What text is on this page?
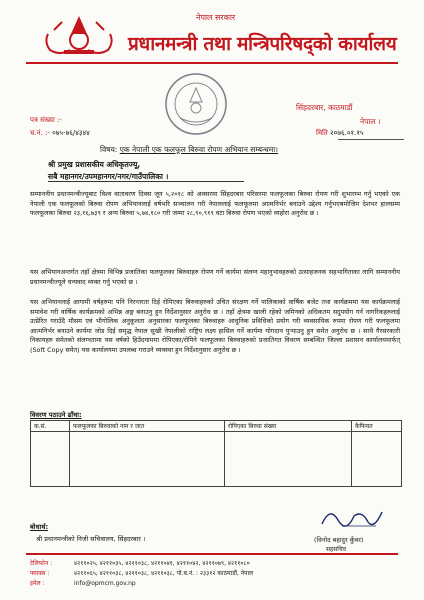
नेपाल सरकार
प्रधानमन्त्री तथा मन्त्रिपरिषद्‌को कार्यालय
सिंहदरबार, काठमाडौं
नेपाल ।
पत्र संख्या :-
च.नं. :- ०७५-७६/४३४४	मिति २०७६.०१.१५
विषय: एक नेपाली एक फलफूल बिरुवा रोपण अभियान सम्बन्धमा।
श्री प्रमुख प्रशासकीय अधिकृतज्यू,
सबै महानगर/उपमहानगर/नगर/गाउँपालिका ।

सम्माननीय प्रधानमन्त्रीज्यूबाट विश्व वातावरण दिवस जून ५,२०१८ को अवसरमा सिंहदरबार परिसरमा फलफूलका बिरुवा रोपण गरी शुभारम्भ गर्नु भएको एक नेपाली एक फलफूलको बिरुवा रोपण अभियानलाई वर्षभरि सञ्चालन गरी नेपाललाई फलफूलमा आत्मनिर्भर बनाउने उद्देश्य गर्नुभएबमोजिम देशभर हालसम्म फलफूलका बिरुवा २३,१६,७३९ र अन्य बिरुवा ५,७४,१८० गरी जम्मा २८,९०,९१९ वटा बिरुवा रोपण भएको व्यहोरा अनुरोध छ ।

यस अभियानअन्तर्गत तहाँ क्षेत्रमा विभिन्न प्रजातिका फलफूलका बिरुवाहरु रोपण गर्ने कार्यमा संलग्न महानुभावहरुको उत्साहजनक सहभागिताका लागि सम्माननीय प्रधानमन्त्रीज्यूले धन्यवाद व्यक्त गर्नु भएको छ ।

यस अभियानलाई आगामी वर्षहरुमा पनि निरन्तरता दिई रोपिएका बिरुवाहरुको उचित संरक्षण गर्ने पालिकाको वार्षिक बजेट तथा कार्यक्रममा यस कार्यक्रमलाई समावेश गरी वार्षिक कार्यक्रमको अभिन्न अङ्ग बनाउनु हुन निर्देशानुसार अनुरोध छ । तहाँ क्षेत्रमा खाली रहेको जमिनको अधिकतम सदुपयोग गर्न नागरिकहरुलाई उत्प्रेरित गराउँदै मौसम एवं भौगोलिक अनुकूलता अनुसारका फलफूलका बिरुवाहरु आधुनिक प्रविधिको प्रयोग गरी व्यवसायिक रुपमा रोपण गरी फलफूलमा आत्मनिर्भर बनाउने कार्यमा जोड दिई समृद्ध नेपाल सुखी नेपालीको राष्ट्रिय लक्ष्य हासिल गर्ने कार्यमा योगदान पुऱ्याउनु हुन समेत अनुरोध छ । साथै गैरसरकारी निकायहरु समेतको संलग्नतामा यस वर्षको हिउँदयाममा रोपिएका/रोपिने फलफूलका बिरुवाहरुको प्रजातिगत विवरण सम्बन्धित जिल्ला प्रशासन कार्यालयमार्फत् (Soft Copy समेत) यस कार्यालयमा उपलब्ध गराउने व्यवस्था हुन निर्देशानुसार अनुरोध छ ।

विवरण पठाउने ढाँचा:
क.सं.	फलफूलका बिरुवाको नाम र जात	रोपिएका बिरुवा संख्या	कैफियत

(विनोद बहादुर कुँवर)
सहसचिव
बोधार्थ:
श्री प्रधानमन्त्रीको निजी सचिवालय, सिंहदरबार ।
टेलिफोन :	४२११०२५, ४२११०३५, ४२११०३८, ४२११०४१, ४२११०४२, ४२११०७९, ४२११०८०
फ्याक्स :	४२११०६५, ४२११०३८, ४२११०३८, ४२११०३८, पो.ब.नं. : २३३१२ काठमाडौं, नेपाल
इमेल :	info@opmcm.gov.np
